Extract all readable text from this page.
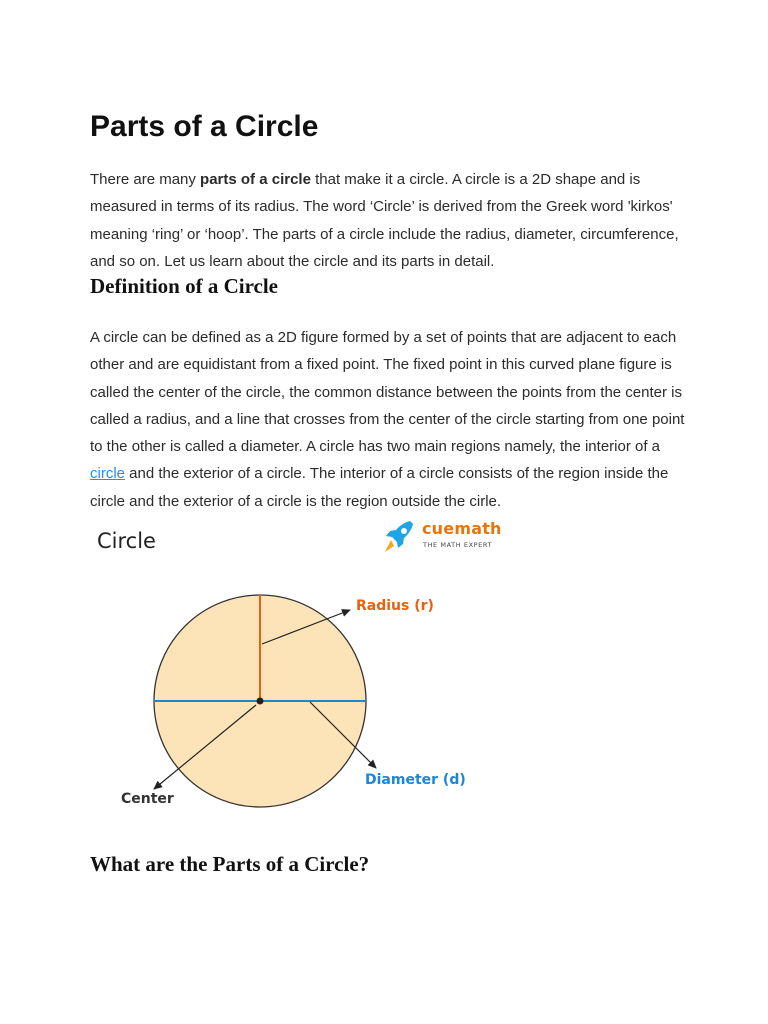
Parts of a Circle

There are many parts of a circle that make it a circle. A circle is a 2D shape and is measured in terms of its radius. The word ‘Circle’ is derived from the Greek word 'kirkos' meaning ‘ring’ or ‘hoop’. The parts of a circle include the radius, diameter, circumference, and so on. Let us learn about the circle and its parts in detail.

Definition of a Circle

A circle can be defined as a 2D figure formed by a set of points that are adjacent to each other and are equidistant from a fixed point. The fixed point in this curved plane figure is called the center of the circle, the common distance between the points from the center is called a radius, and a line that crosses from the center of the circle starting from one point to the other is called a diameter. A circle has two main regions namely, the interior of a circle and the exterior of a circle. The interior of a circle consists of the region inside the circle and the exterior of a circle is the region outside the cirle.

What are the Parts of a Circle?
Circle
cuemath
THE MATH EXPERT
Radius (r)
Diameter (d)
Center
